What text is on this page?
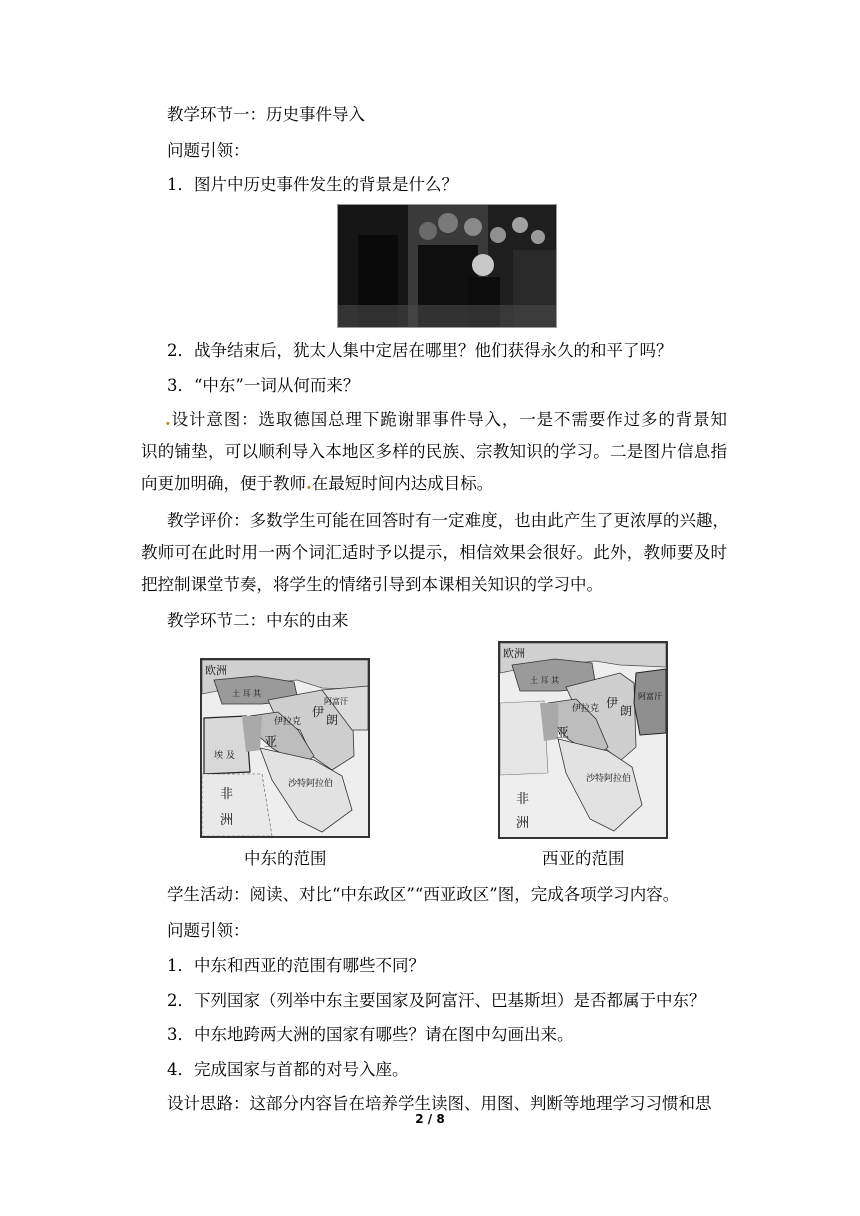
教学环节一：历史事件导入
问题引领：
1．图片中历史事件发生的背景是什么？
2．战争结束后，犹太人集中定居在哪里？他们获得永久的和平了吗？
3．“中东”一词从何而来？
.设计意图：选取德国总理下跪谢罪事件导入，一是不需要作过多的背景知
识的铺垫，可以顺利导入本地区多样的民族、宗教知识的学习。二是图片信息指
向更加明确，便于教师.在最短时间内达成目标。
教学评价：多数学生可能在回答时有一定难度，也由此产生了更浓厚的兴趣，
教师可在此时用一两个词汇适时予以提示，相信效果会很好。此外，教师要及时
把控制课堂节奏，将学生的情绪引导到本课相关知识的学习中。
教学环节二：中东的由来
欧洲
土 耳 其
阿富汗
伊拉克
伊
朗
亚
埃 及
沙特阿拉伯
非
洲
欧洲
土 耳 其
阿富汗
伊拉克 伊
朗
亚
沙特阿拉伯
非
洲
中东的范围	西亚的范围
学生活动：阅读、对比“中东政区”“西亚政区”图，完成各项学习内容。
问题引领：
1．中东和西亚的范围有哪些不同？
2．下列国家（列举中东主要国家及阿富汗、巴基斯坦）是否都属于中东？
3．中东地跨两大洲的国家有哪些？请在图中勾画出来。
4．完成国家与首都的对号入座。
设计思路：这部分内容旨在培养学生读图、用图、判断等地理学习习惯和思
2 / 8
